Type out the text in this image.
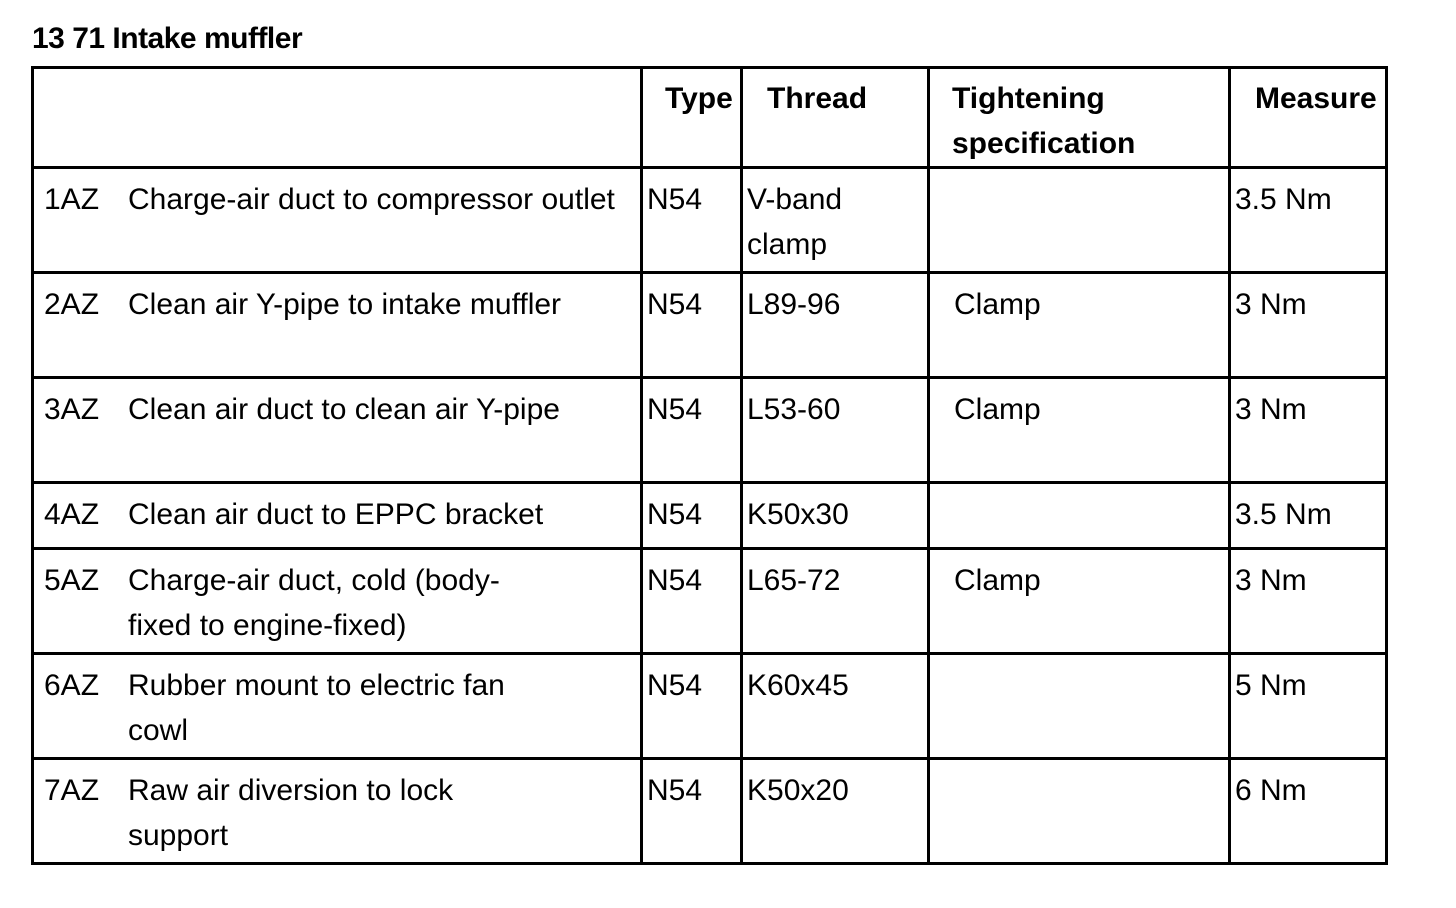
13 71 Intake muffler

	Type	Thread	Tightening specification	Measure

1AZ Charge-air duct to compressor outlet	N54	V-band clamp		3.5 Nm

2AZ Clean air Y-pipe to intake muffler	N54	L89-96	Clamp	3 Nm

3AZ Clean air duct to clean air Y-pipe	N54	L53-60	Clamp	3 Nm

4AZ Clean air duct to EPPC bracket	N54	K50x30		3.5 Nm

5AZ Charge-air duct, cold (body-fixed to engine-fixed)	N54	L65-72	Clamp	3 Nm

6AZ Rubber mount to electric fan cowl	N54	K60x45		5 Nm

7AZ Raw air diversion to lock support	N54	K50x20		6 Nm
